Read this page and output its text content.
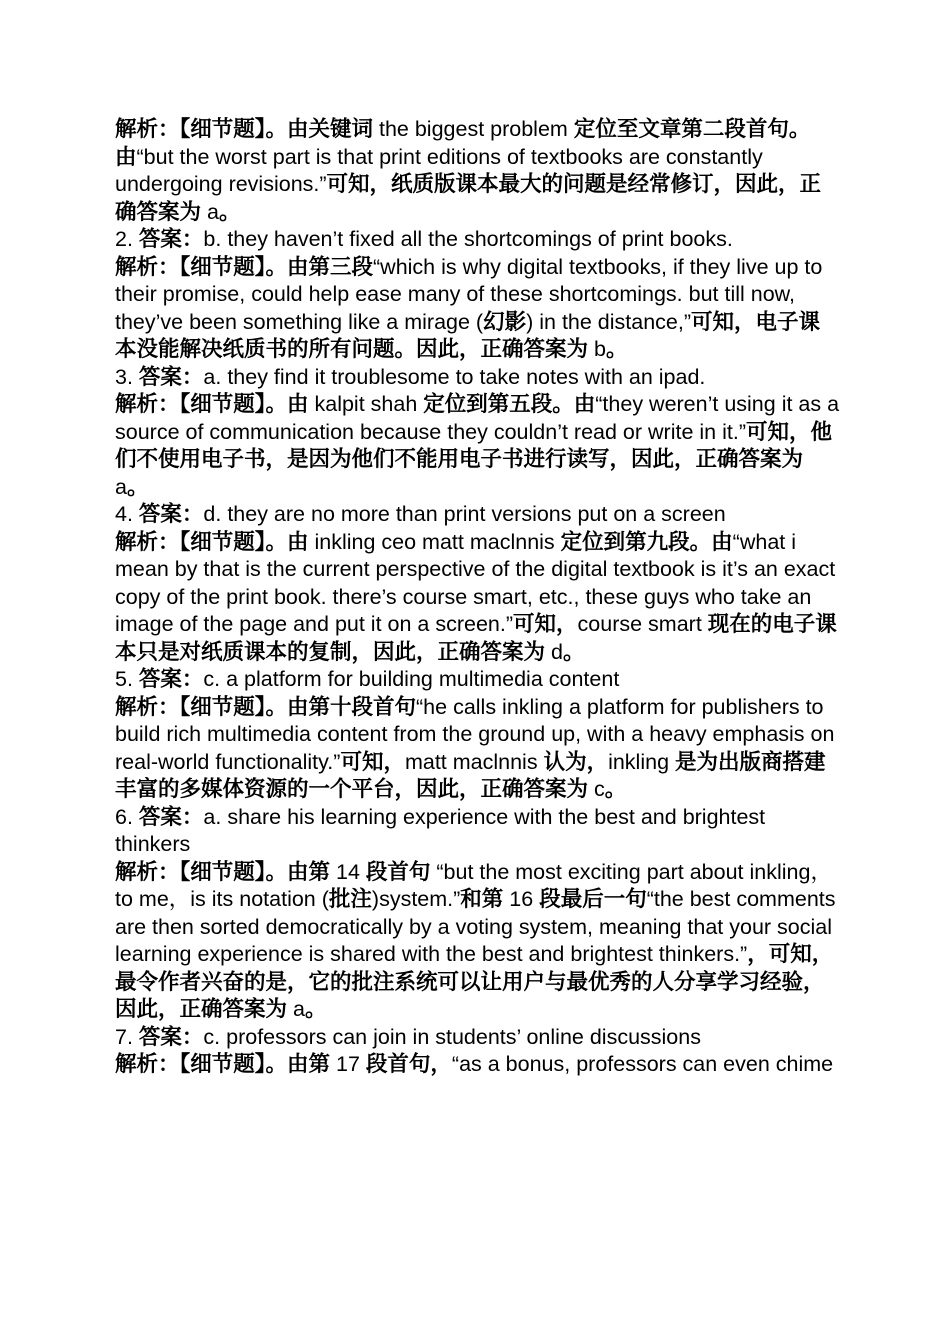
解析：【细节题】。由关键词 the biggest problem 定位至文章第二段首句。由“but the worst part is that print editions of textbooks are constantly undergoing revisions.”可知，纸质版课本最大的问题是经常修订，因此，正确答案为 a。

2. 答案：b. they haven’t fixed all the shortcomings of print books.

解析：【细节题】。由第三段“which is why digital textbooks, if they live up to their promise, could help ease many of these shortcomings. but till now, they’ve been something like a mirage (幻影) in the distance,”可知，电子课本没能解决纸质书的所有问题。因此，正确答案为 b。

3. 答案：a. they find it troublesome to take notes with an ipad.

解析：【细节题】。由 kalpit shah 定位到第五段。由“they weren’t using it as a source of communication because they couldn’t read or write in it.”可知，他们不使用电子书，是因为他们不能用电子书进行读写，因此，正确答案为 a。

4. 答案：d. they are no more than print versions put on a screen

解析：【细节题】。由 inkling ceo matt maclnnis 定位到第九段。由“what i mean by that is the current perspective of the digital textbook is it’s an exact copy of the print book. there’s course smart, etc., these guys who take an image of the page and put it on a screen.”可知，course smart 现在的电子课本只是对纸质课本的复制，因此，正确答案为 d。

5. 答案：c. a platform for building multimedia content

解析：【细节题】。由第十段首句“he calls inkling a platform for publishers to build rich multimedia content from the ground up, with a heavy emphasis on real-world functionality.”可知，matt maclnnis 认为，inkling 是为出版商搭建丰富的多媒体资源的一个平台，因此，正确答案为 c。

6. 答案：a. share his learning experience with the best and brightest thinkers

解析：【细节题】。由第 14 段首句 “but the most exciting part about inkling，to me，is its notation (批注)system.”和第 16 段最后一句“the best comments are then sorted democratically by a voting system, meaning that your social learning experience is shared with the best and brightest thinkers.”，可知，最令作者兴奋的是，它的批注系统可以让用户与最优秀的人分享学习经验，因此，正确答案为 a。

7. 答案：c. professors can join in students’ online discussions

解析：【细节题】。由第 17 段首句，“as a bonus, professors can even chime
